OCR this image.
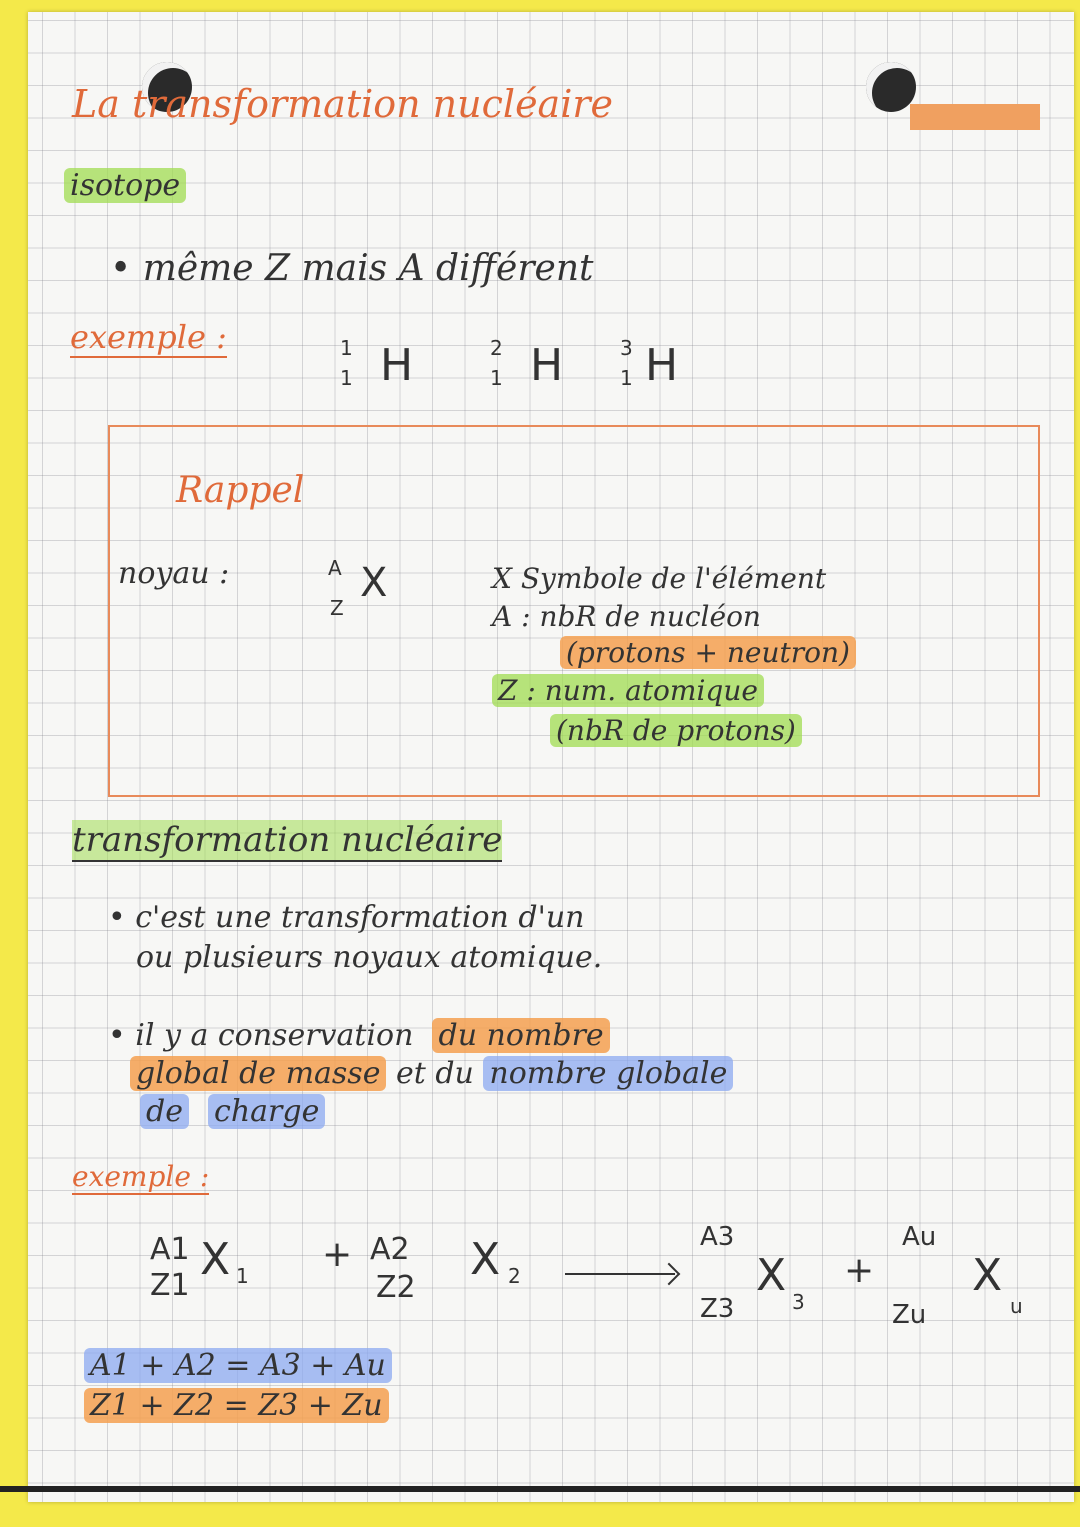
La transformation nucléaire
isotope
• même Z mais A différent
exemple :	1
1 H	2
1 H	3
1 H
Rappel
noyau :	A
Z
X	X Symbole de l'élément
A : nbR de nucléon
(protons + neutron)
Z : num. atomique
(nbR de protons)
transformation nucléaire
• c'est une transformation d'un
ou plusieurs noyaux atomique.
• il y a conservation du nombre
global de masse et du nombre globale
de charge
exemple :
A1
Z1
X 1
+ A2
Z2
X 2
A3
Z3
X
3
+
Au
Zu
X
u
A1 + A2 = A3 + Au
Z1 + Z2 = Z3 + Zu
